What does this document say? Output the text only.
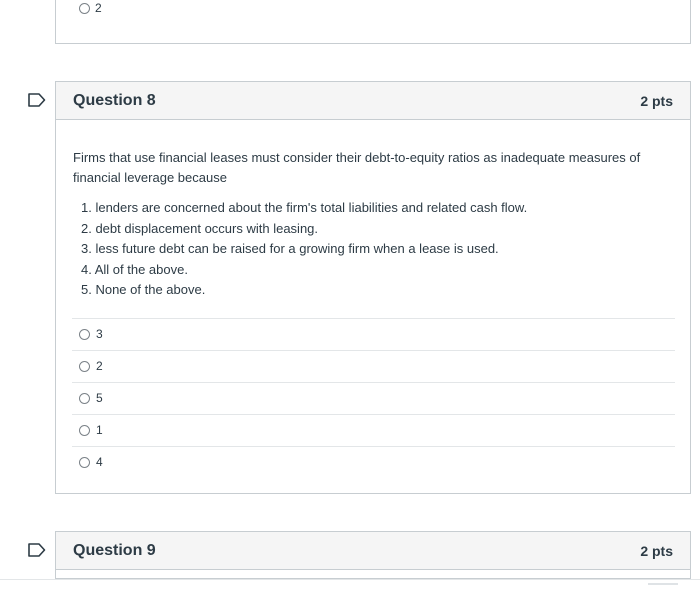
2
Question 8	2 pts
Firms that use financial leases must consider their debt-to-equity ratios as inadequate measures of financial leverage because
1. lenders are concerned about the firm's total liabilities and related cash flow.
2. debt displacement occurs with leasing.
3. less future debt can be raised for a growing firm when a lease is used.
4. All of the above.
5. None of the above.
3
2
5
1
4
Question 9	2 pts
